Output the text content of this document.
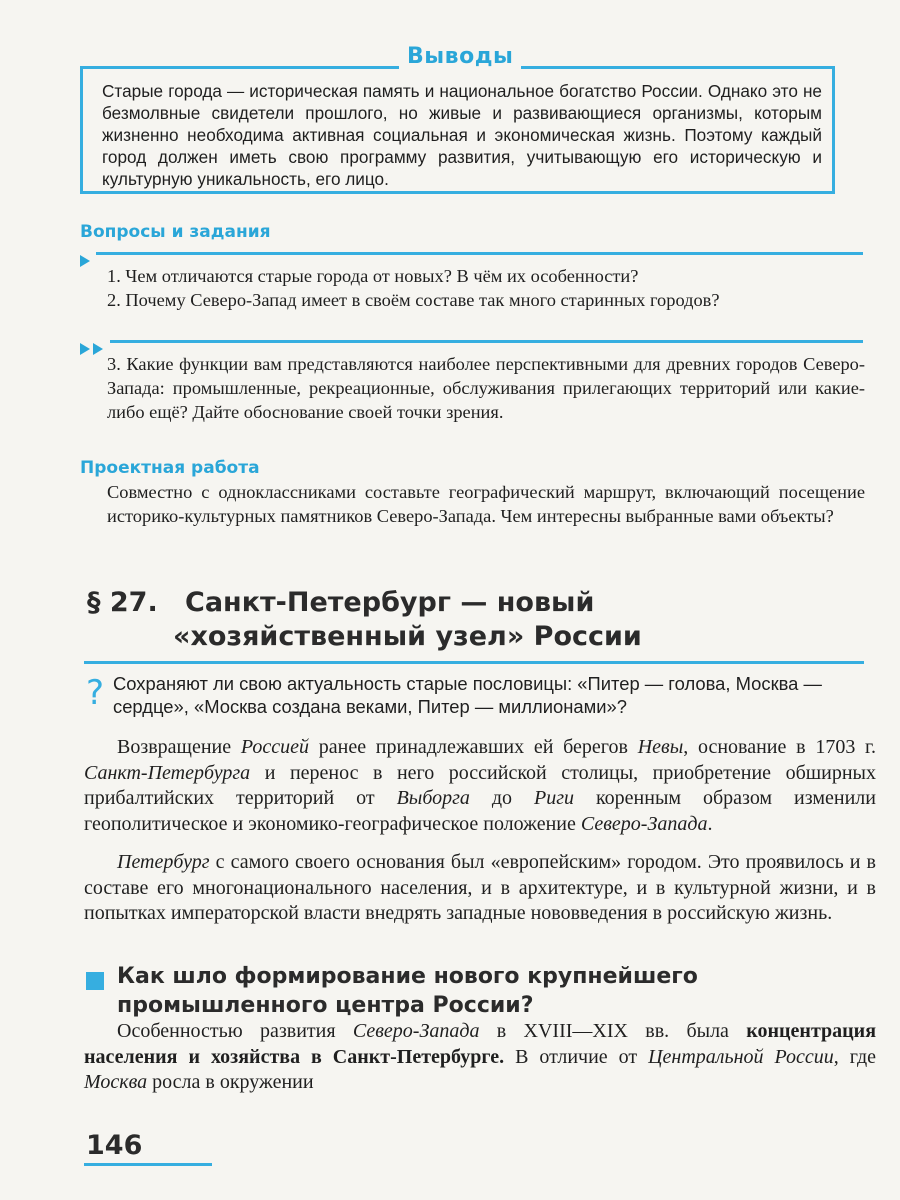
Выводы
Старые города — историческая память и национальное богатство России. Однако это не безмолвные свидетели прошлого, но живые и развивающиеся организмы, которым жизненно необходима активная социальная и экономическая жизнь. Поэтому каждый город должен иметь свою программу развития, учитывающую его историческую и культурную уникальность, его лицо.
Вопросы и задания
1. Чем отличаются старые города от новых? В чём их особенности?
2. Почему Северо-Запад имеет в своём составе так много старинных городов?
3. Какие функции вам представляются наиболее перспективными для древних городов Северо-Запада: промышленные, рекреационные, обслуживания прилегающих территорий или какие-либо ещё? Дайте обоснование своей точки зрения.
Проектная работа
Совместно с одноклассниками составьте географический маршрут, включающий посещение историко-культурных памятников Северо-Запада. Чем интересны выбранные вами объекты?
§ 27. Санкт-Петербург — новый
«хозяйственный узел» России
? Сохраняют ли свою актуальность старые пословицы: «Питер — голова, Москва — сердце», «Москва создана веками, Питер — миллионами»?
Возвращение Россией ранее принадлежавших ей берегов Невы, основание в 1703 г. Санкт-Петербурга и перенос в него российской столицы, приобретение обширных прибалтийских территорий от Выборга до Риги коренным образом изменили геополитическое и экономико-географическое положение Северо-Запада.
Петербург с самого своего основания был «европейским» городом. Это проявилось и в составе его многонационального населения, и в архитектуре, и в культурной жизни, и в попытках императорской власти внедрять западные нововведения в российскую жизнь.
Как шло формирование нового крупнейшего
промышленного центра России?
Особенностью развития Северо-Запада в XVIII—XIX вв. была концентрация населения и хозяйства в Санкт-Петербурге. В отличие от Центральной России, где Москва росла в окружении
146
